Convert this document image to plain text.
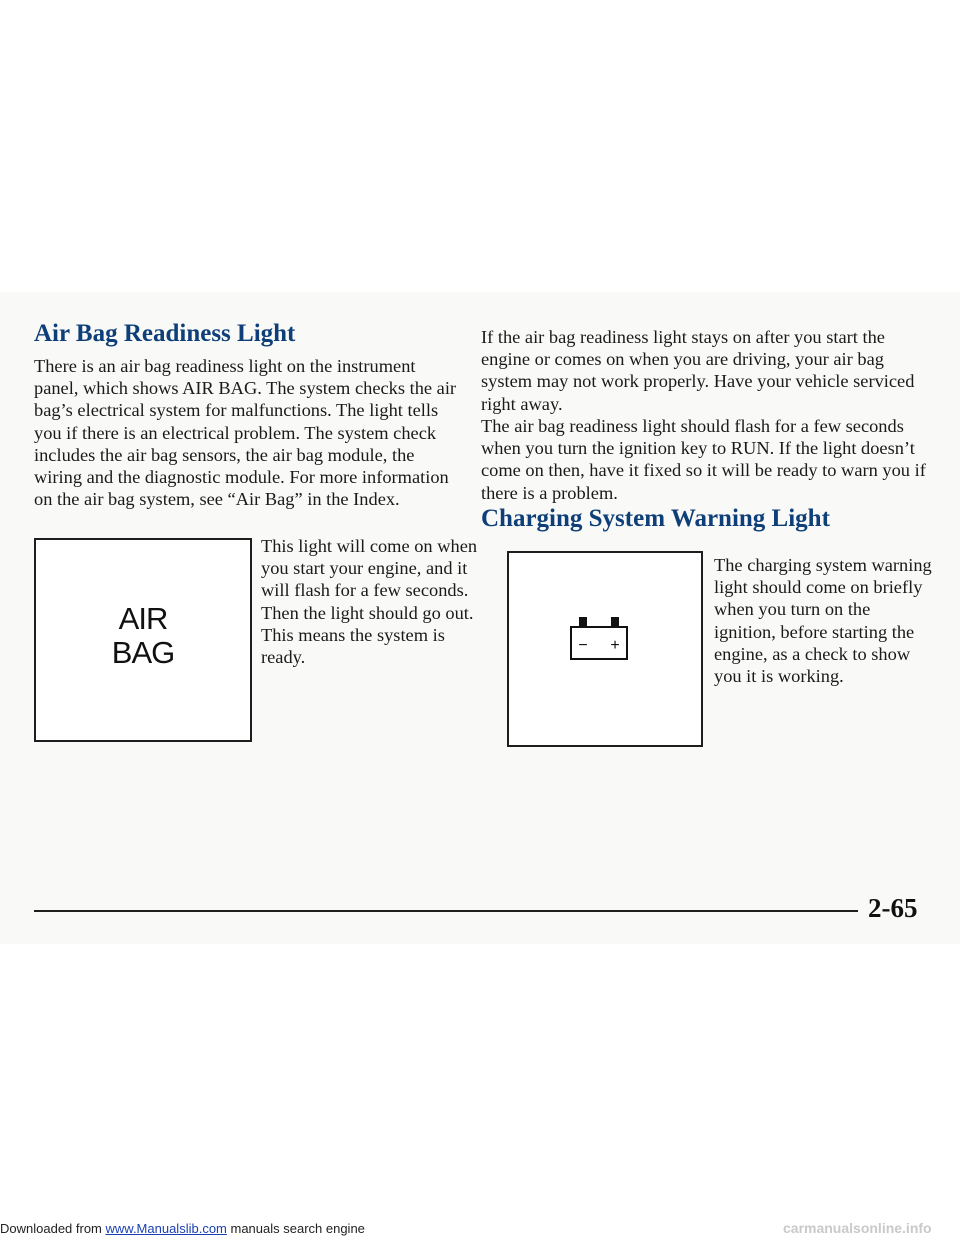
Air Bag Readiness Light

There is an air bag readiness light on the instrument panel, which shows AIR BAG. The system checks the air bag’s electrical system for malfunctions. The light tells you if there is an electrical problem. The system check includes the air bag sensors, the air bag module, the wiring and the diagnostic module. For more information on the air bag system, see “Air Bag” in the Index.

AIR
BAG

This light will come on when you start your engine, and it will flash for a few seconds. Then the light should go out. This means the system is ready.

If the air bag readiness light stays on after you start the engine or comes on when you are driving, your air bag system may not work properly. Have your vehicle serviced right away.

The air bag readiness light should flash for a few seconds when you turn the ignition key to RUN. If the light doesn’t come on then, have it fixed so it will be ready to warn you if there is a problem.

Charging System Warning Light
− +

The charging system warning light should come on briefly when you turn on the ignition, before starting the engine, as a check to show you it is working.

2-65
Downloaded from www.Manualslib.com manuals search engine	carmanualsonline.info
